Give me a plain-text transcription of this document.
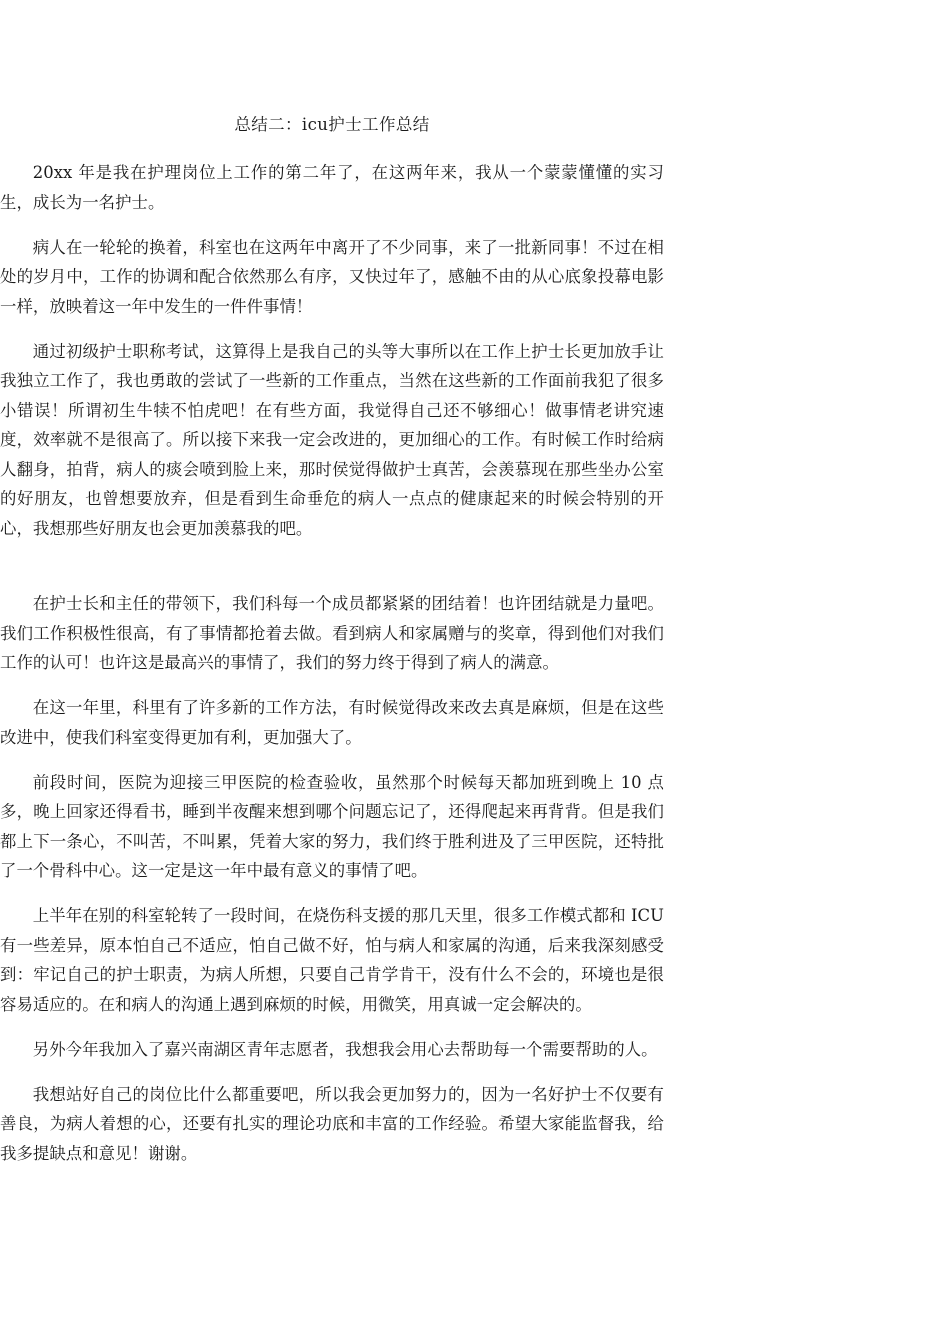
总结二：icu护士工作总结

20xx 年是我在护理岗位上工作的第二年了，在这两年来，我从一个蒙蒙懂懂的实习生，成长为一名护士。

病人在一轮轮的换着，科室也在这两年中离开了不少同事，来了一批新同事！不过在相处的岁月中，工作的协调和配合依然那么有序，又快过年了，感触不由的从心底象投幕电影一样，放映着这一年中发生的一件件事情！

通过初级护士职称考试，这算得上是我自己的头等大事所以在工作上护士长更加放手让我独立工作了，我也勇敢的尝试了一些新的工作重点，当然在这些新的工作面前我犯了很多小错误！所谓初生牛犊不怕虎吧！在有些方面，我觉得自己还不够细心！做事情老讲究速度，效率就不是很高了。所以接下来我一定会改进的，更加细心的工作。有时候工作时给病人翻身，拍背，病人的痰会喷到脸上来，那时侯觉得做护士真苦，会羡慕现在那些坐办公室的好朋友，也曾想要放弃，但是看到生命垂危的病人一点点的健康起来的时候会特别的开心，我想那些好朋友也会更加羡慕我的吧。

在护士长和主任的带领下，我们科每一个成员都紧紧的团结着！也许团结就是力量吧。我们工作积极性很高，有了事情都抢着去做。看到病人和家属赠与的奖章，得到他们对我们工作的认可！也许这是最高兴的事情了，我们的努力终于得到了病人的满意。

在这一年里，科里有了许多新的工作方法，有时候觉得改来改去真是麻烦，但是在这些改进中，使我们科室变得更加有利，更加强大了。

前段时间，医院为迎接三甲医院的检查验收，虽然那个时候每天都加班到晚上 10 点多，晚上回家还得看书，睡到半夜醒来想到哪个问题忘记了，还得爬起来再背背。但是我们都上下一条心，不叫苦，不叫累，凭着大家的努力，我们终于胜利进及了三甲医院，还特批了一个骨科中心。这一定是这一年中最有意义的事情了吧。

上半年在别的科室轮转了一段时间，在烧伤科支援的那几天里，很多工作模式都和 ICU 有一些差异，原本怕自己不适应，怕自己做不好，怕与病人和家属的沟通，后来我深刻感受到：牢记自己的护士职责，为病人所想，只要自己肯学肯干，没有什么不会的，环境也是很容易适应的。在和病人的沟通上遇到麻烦的时候，用微笑，用真诚一定会解决的。

另外今年我加入了嘉兴南湖区青年志愿者，我想我会用心去帮助每一个需要帮助的人。

我想站好自己的岗位比什么都重要吧，所以我会更加努力的，因为一名好护士不仅要有善良，为病人着想的心，还要有扎实的理论功底和丰富的工作经验。希望大家能监督我，给我多提缺点和意见！谢谢。
